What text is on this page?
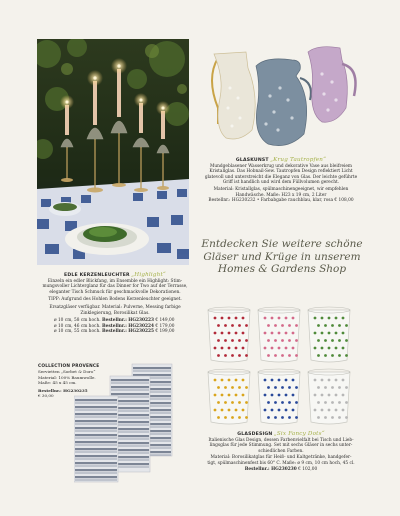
EDLE KERZENLEUCHTER „Highlight“
Einzeln ein edler Blickfang, im Ensemble ein Highlight: Stim-
mungsvoller Lichterglanz für das Dinner for Two auf der Terrasse,
eleganter Tisch Schmuck für geschmackvolle Dekorationen.
TIPP: Aufgrund des Hohlen Bodens Kerzenleuchter geeignet.
Ersatzgläser verfügbar. Material: Pulverne, Messing farbige
Zinklegierung, Borosilikat Glas.
ø 10 cm, 58 cm hoch. Bestellnr.: HG230223 € 149,00
ø 10 cm, 46 cm hoch. Bestellnr.: HG230224 € 179,00
ø 10 cm, 55 cm hoch. Bestellnr.: HG230225 € 199,00
GLASKUNST „Krug Tautropfen“
Mundgeblasener Wasserkrug und dekorative Vase aus bleifreiem
Kristallglas. Das Hobnail-Sew. Tautropfen Design reflektiert Licht
glatevoll und unterstreicht die Eleganz von Glas. Der leichte geführte
Griff ist handlich und wird dem Füllvolumen gerecht.
Material: Kristallglas, spülmaschinengeeignet, wir empfehlen
Handwäsche. Maße: H23 x 19 cm, 2 Liter
Bestellnr.: HG230232 • Farbabgabe rauchblau, klar, rosa € 108,00
Entdecken Sie weitere schöne
Gläser und Krüge in unserem
Homes & Gardens Shop
GLASDESIGN „Six Fancy Dots“
Italienische Glas Design, dessen Farbenvielfalt bei Tisch und Lieb-
lingsglas für jede Stimmung. Set mit sechs Gläser in sechs unter-
schiedlichen Farben.
Material: Borosilikatglas für Heiß- und Kaltgetränke, handgefer-
tigt, spülmaschinenfest bis 60° C. Maße: ø 9 cm, 10 cm hoch, 45 cl.
Bestellnr.: HG230230 € 102,00
COLLECTION PROVENCE
Servietten „Sorbet & Doro“
Material: 100% Baumwolle.
Maße: 45 x 45 cm.
Bestellnr.: HG230235
€ 30,00
